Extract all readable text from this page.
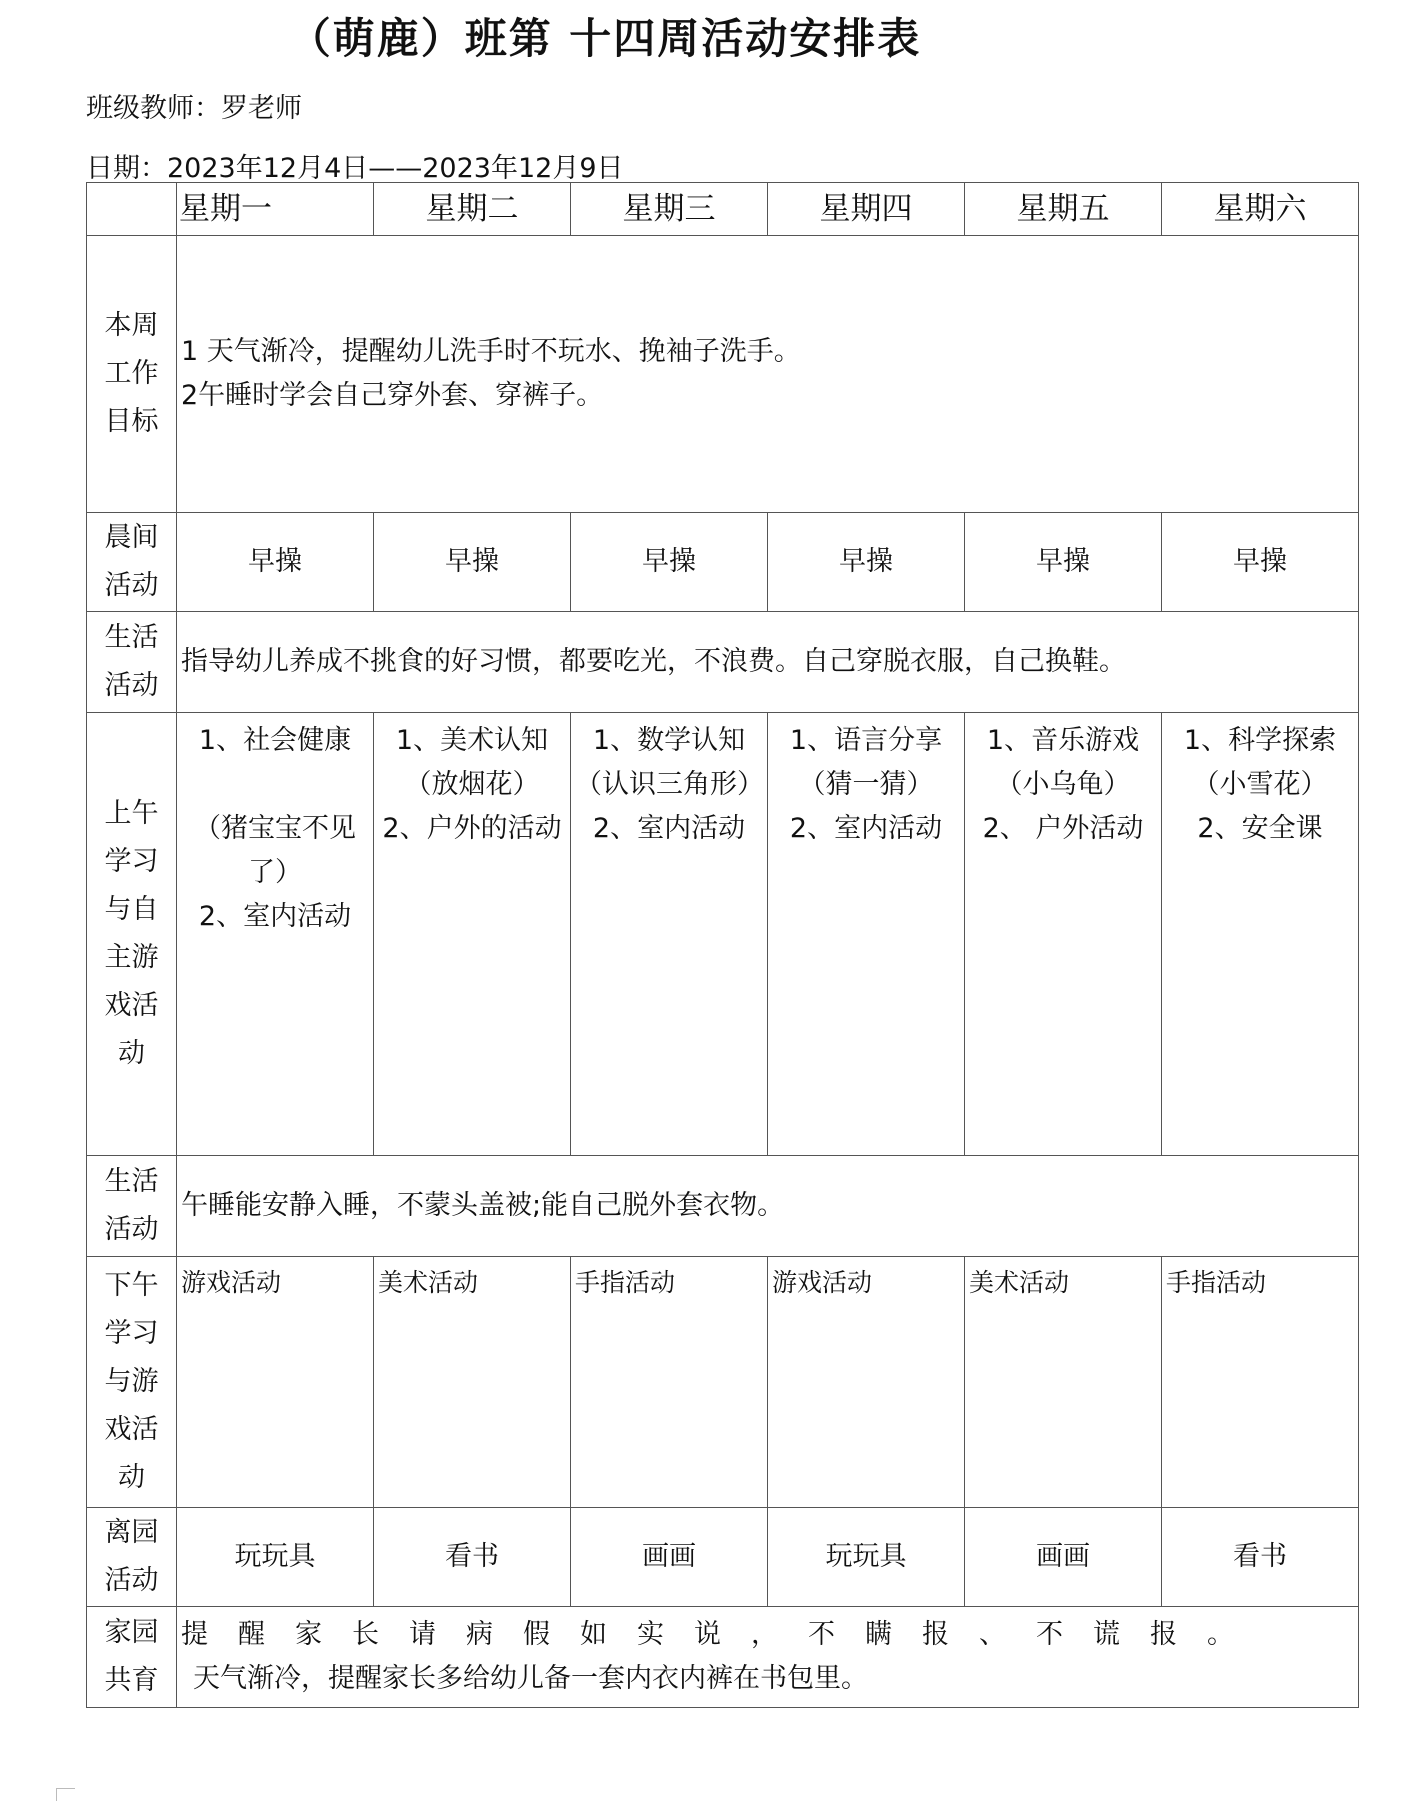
（萌鹿）班第 十四周活动安排表
班级教师：罗老师
日期：2023年12月4日——2023年12月9日
	星期一	星期二	星期三	星期四	星期五	星期六
本周工作目标	1 天气渐冷，提醒幼儿洗手时不玩水、挽袖子洗手。
2午睡时学会自己穿外套、穿裤子。					

晨间活动	早操	早操	早操	早操	早操	早操
生活活动	指导幼儿养成不挑食的好习惯，都要吃光，不浪费。自己穿脱衣服，自己换鞋。					
上午学习与自主游戏活动	1、社会健康

（猪宝宝不见了）
2、室内活动	1、美术认知
（放烟花）
2、户外的活动	1、数学认知
（认识三角形）
2、室内活动	1、语言分享
（猜一猜）
2、室内活动	1、音乐游戏
（小乌龟）
2、 户外活动	1、科学探索
（小雪花）
2、安全课

生活活动	午睡能安静入睡，不蒙头盖被;能自己脱外套衣物。					
下午学习与游戏活动	游戏活动	美术活动	手指活动	游戏活动	美术活动	手指活动
离园活动	玩玩具	看书	画画	玩玩具	画画	看书
家园共育	提醒家长请病假如实说，不瞒报、不谎报。
天气渐冷，提醒家长多给幼儿备一套内衣内裤在书包里。					
